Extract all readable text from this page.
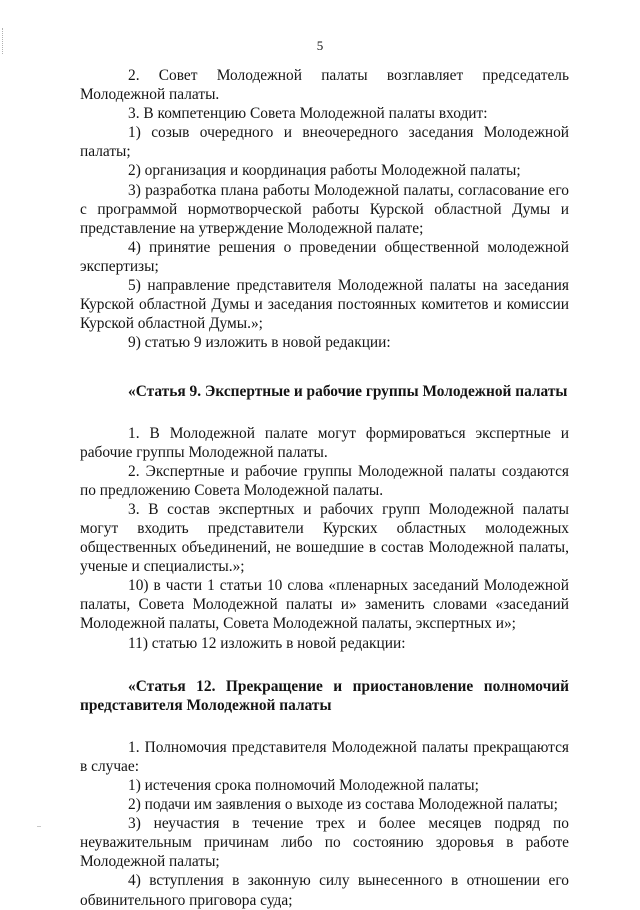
5

2. Совет Молодежной палаты возглавляет председатель Молодежной палаты.

3. В компетенцию Совета Молодежной палаты входит:

1) созыв очередного и внеочередного заседания Молодежной палаты;

2) организация и координация работы Молодежной палаты;

3) разработка плана работы Молодежной палаты, согласование его с программой нормотворческой работы Курской областной Думы и представление на утверждение Молодежной палате;

4) принятие решения о проведении общественной молодежной экспертизы;

5) направление представителя Молодежной палаты на заседания Курской областной Думы и заседания постоянных комитетов и комиссии Курской областной Думы.»;

9) статью 9 изложить в новой редакции:

«Статья 9. Экспертные и рабочие группы Молодежной палаты

1. В Молодежной палате могут формироваться экспертные и рабочие группы Молодежной палаты.

2. Экспертные и рабочие группы Молодежной палаты создаются по предложению Совета Молодежной палаты.

3. В состав экспертных и рабочих групп Молодежной палаты могут входить представители Курских областных молодежных общественных объединений, не вошедшие в состав Молодежной палаты, ученые и специалисты.»;

10) в части 1 статьи 10 слова «пленарных заседаний Молодежной палаты, Совета Молодежной палаты и» заменить словами «заседаний Молодежной палаты, Совета Молодежной палаты, экспертных и»;

11) статью 12 изложить в новой редакции:

«Статья 12. Прекращение и приостановление полномочий представителя Молодежной палаты

1. Полномочия представителя Молодежной палаты прекращаются в случае:

1) истечения срока полномочий Молодежной палаты;

2) подачи им заявления о выходе из состава Молодежной палаты;

3) неучастия в течение трех и более месяцев подряд по неуважительным причинам либо по состоянию здоровья в работе Молодежной палаты;

4) вступления в законную силу вынесенного в отношении его обвинительного приговора суда;
